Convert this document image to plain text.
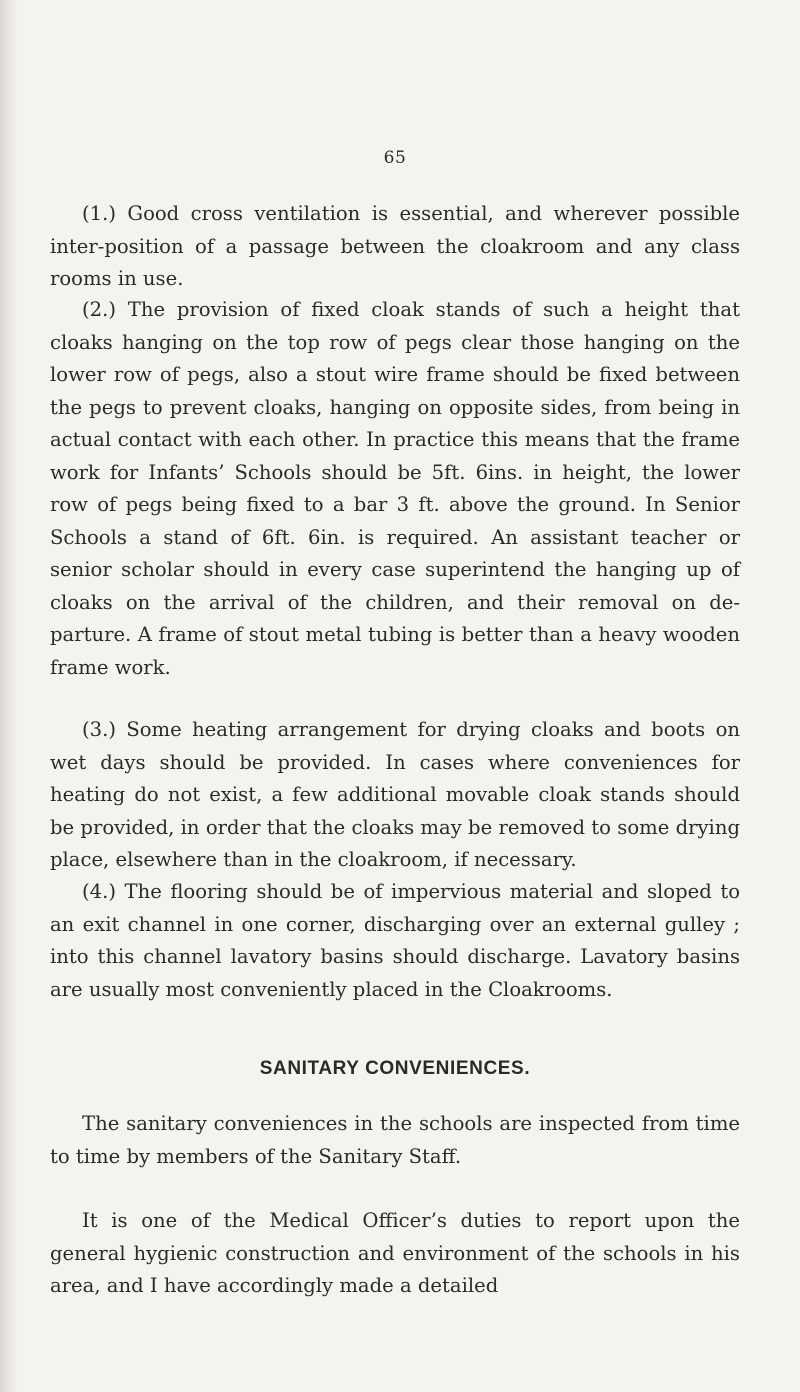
65

(1.) Good cross ventilation is essential, and wherever possible inter-position of a passage between the cloakroom and any class rooms in use.

(2.) The provision of fixed cloak stands of such a height that cloaks hanging on the top row of pegs clear those hanging on the lower row of pegs, also a stout wire frame should be fixed between the pegs to prevent cloaks, hanging on opposite sides, from being in actual contact with each other. In practice this means that the frame work for Infants’ Schools should be 5ft. 6ins. in height, the lower row of pegs being fixed to a bar 3 ft. above the ground. In Senior Schools a stand of 6ft. 6in. is required. An assistant teacher or senior scholar should in every case superintend the hanging up of cloaks on the arrival of the children, and their removal on de-parture. A frame of stout metal tubing is better than a heavy wooden frame work.

(3.) Some heating arrangement for drying cloaks and boots on wet days should be provided. In cases where conveniences for heating do not exist, a few additional movable cloak stands should be provided, in order that the cloaks may be removed to some drying place, elsewhere than in the cloakroom, if necessary.

(4.) The flooring should be of impervious material and sloped to an exit channel in one corner, discharging over an external gulley ; into this channel lavatory basins should discharge. Lavatory basins are usually most conveniently placed in the Cloakrooms.

SANITARY CONVENIENCES.

The sanitary conveniences in the schools are inspected from time to time by members of the Sanitary Staff.

It is one of the Medical Officer’s duties to report upon the general hygienic construction and environment of the schools in his area, and I have accordingly made a detailed
